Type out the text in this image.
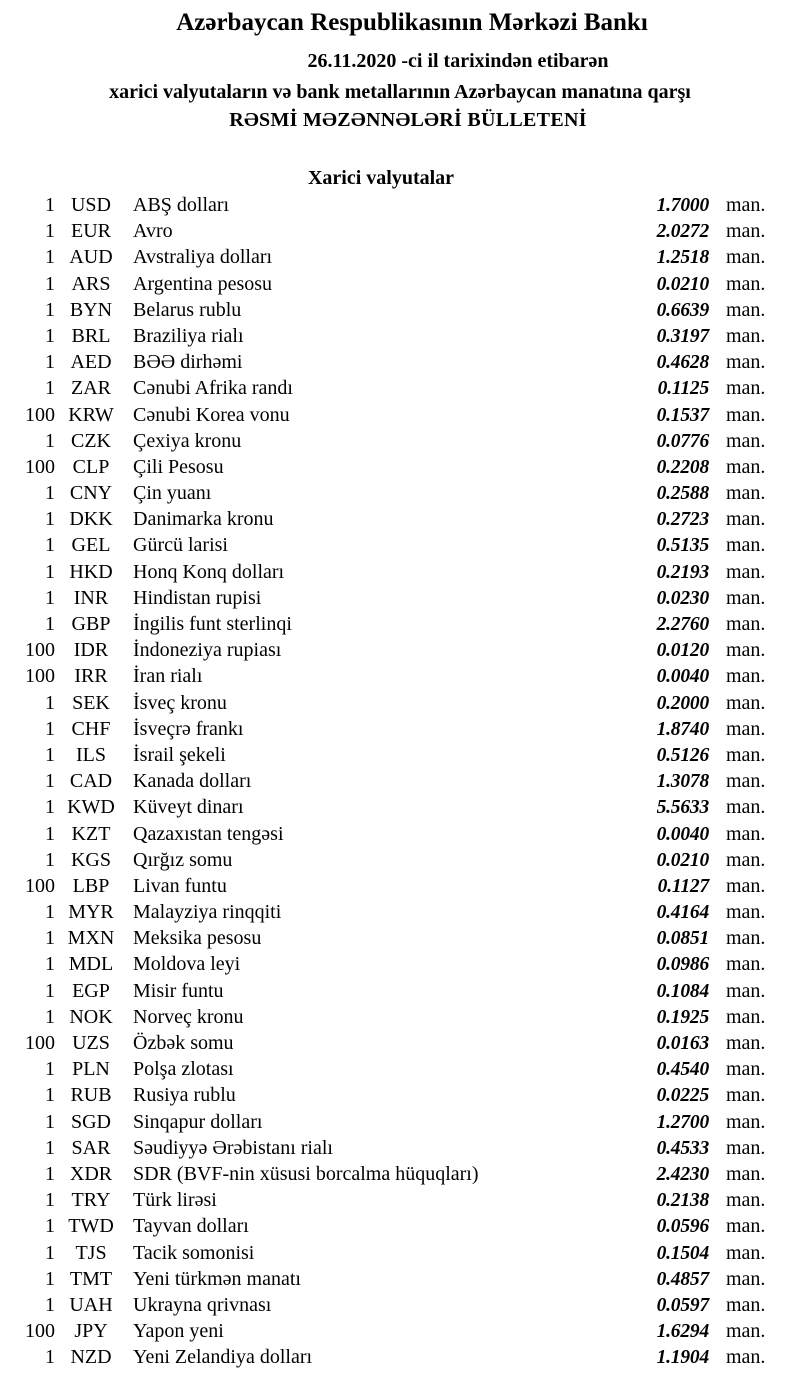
Azərbaycan Respublikasının Mərkəzi Bankı
26.11.2020 -ci il tarixindən etibarən
xarici valyutaların və bank metallarının Azərbaycan manatına qarşı
RƏSMİ MƏZƏNNƏLƏRİ BÜLLETENİ
Xarici valyutalar
1 USD	ABŞ dolları	1.7000 man.
1 EUR	Avro	2.0272 man.
1 AUD	Avstraliya dolları	1.2518 man.
1 ARS	Argentina pesosu	0.0210 man.
1 BYN	Belarus rublu	0.6639 man.
1 BRL	Braziliya rialı	0.3197 man.
1 AED	BƏƏ dirhəmi	0.4628 man.
1 ZAR	Cənubi Afrika randı	0.1125 man.
100 KRW Cənubi Korea vonu	0.1537 man.
1 CZK	Çexiya kronu	0.0776 man.
100 CLP	Çili Pesosu	0.2208 man.
1 CNY	Çin yuanı	0.2588 man.
1 DKK	Danimarka kronu	0.2723 man.
1 GEL	Gürcü larisi	0.5135 man.
1 HKD	Honq Konq dolları	0.2193 man.
1 INR	Hindistan rupisi	0.0230 man.
1 GBP	İngilis funt sterlinqi	2.2760 man.
100 IDR	İndoneziya rupiası	0.0120 man.
100 IRR	İran rialı	0.0040 man.
1 SEK	İsveç kronu	0.2000 man.
1 CHF	İsveçrə frankı	1.8740 man.
1	ILS	İsrail şekeli	0.5126 man.
1 CAD	Kanada dolları	1.3078 man.
1 KWD Küveyt dinarı	5.5633 man.
1 KZT	Qazaxıstan tengəsi	0.0040 man.
1 KGS	Qırğız somu	0.0210 man.
100 LBP	Livan funtu	0.1127 man.
1 MYR Malayziya rinqqiti	0.4164 man.
1 MXN Meksika pesosu	0.0851 man.
1 MDL Moldova leyi	0.0986 man.
1 EGP	Misir funtu	0.1084 man.
1 NOK	Norveç kronu	0.1925 man.
100 UZS	Özbək somu	0.0163 man.
1 PLN	Polşa zlotası	0.4540 man.
1 RUB	Rusiya rublu	0.0225 man.
1 SGD	Sinqapur dolları	1.2700 man.
1 SAR	Səudiyyə Ərəbistanı rialı	0.4533 man.
1 XDR	SDR (BVF-nin xüsusi borcalma hüquqları)	2.4230 man.
1 TRY	Türk lirəsi	0.2138 man.
1 TWD Tayvan dolları	0.0596 man.
1	TJS	Tacik somonisi	0.1504 man.
1 TMT	Yeni türkmən manatı	0.4857 man.
1 UAH	Ukrayna qrivnası	0.0597 man.
100 JPY	Yapon yeni	1.6294 man.
1 NZD	Yeni Zelandiya dolları	1.1904 man.
